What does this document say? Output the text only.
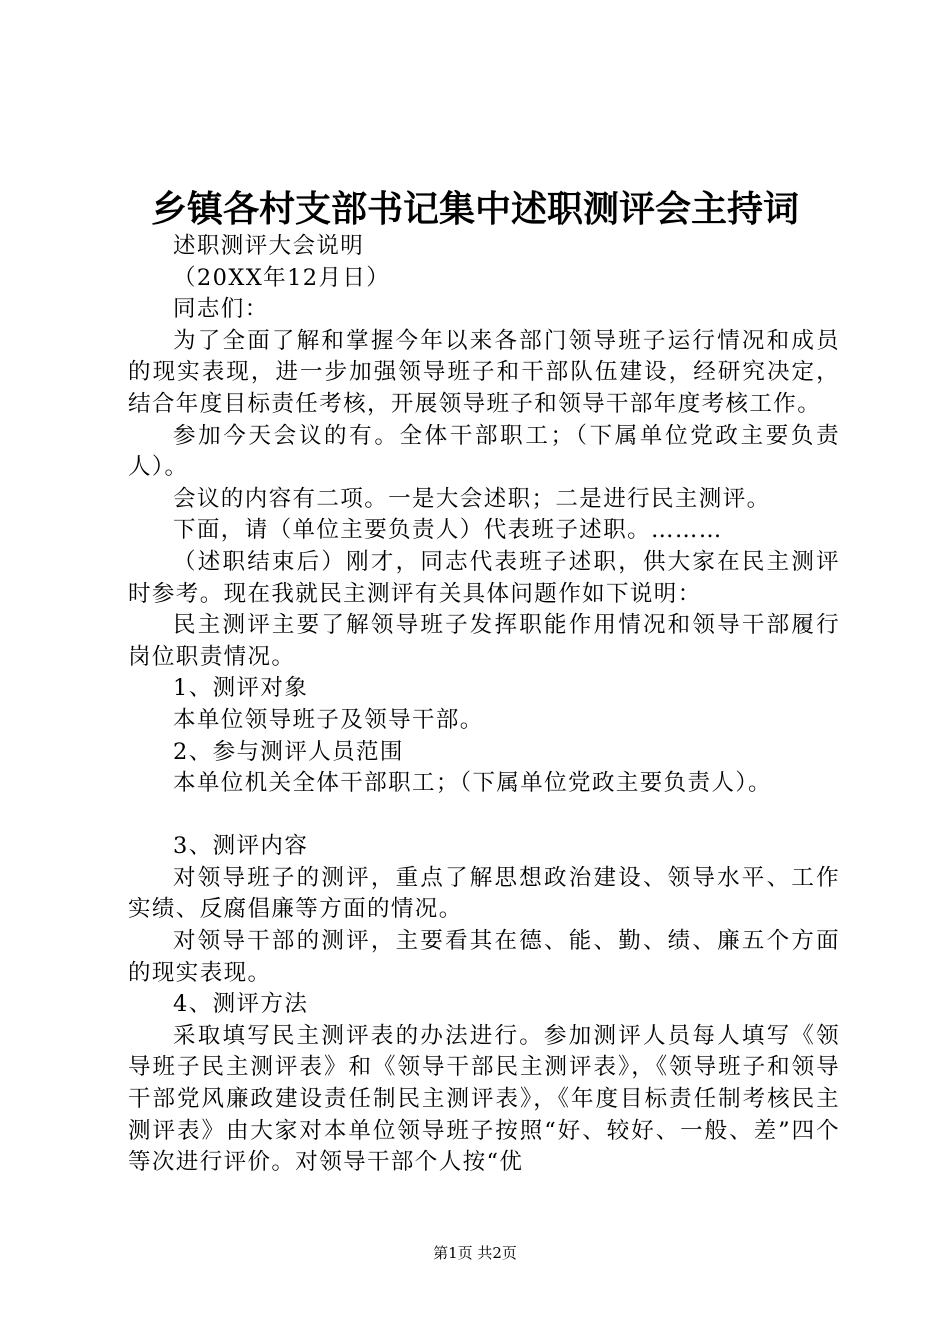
乡镇各村支部书记集中述职测评会主持词

述职测评大会说明

（20XX年12月日）

同志们：

为了全面了解和掌握今年以来各部门领导班子运行情况和成员的现实表现，进一步加强领导班子和干部队伍建设，经研究决定，结合年度目标责任考核，开展领导班子和领导干部年度考核工作。

参加今天会议的有。全体干部职工；（下属单位党政主要负责人）。

会议的内容有二项。一是大会述职；二是进行民主测评。

下面，请（单位主要负责人）代表班子述职。………

（述职结束后）刚才，同志代表班子述职，供大家在民主测评时参考。现在我就民主测评有关具体问题作如下说明：

民主测评主要了解领导班子发挥职能作用情况和领导干部履行岗位职责情况。

1、测评对象

本单位领导班子及领导干部。

2、参与测评人员范围

本单位机关全体干部职工；（下属单位党政主要负责人）。

3、测评内容

对领导班子的测评，重点了解思想政治建设、领导水平、工作实绩、反腐倡廉等方面的情况。

对领导干部的测评，主要看其在德、能、勤、绩、廉五个方面的现实表现。

4、测评方法

采取填写民主测评表的办法进行。参加测评人员每人填写《领导班子民主测评表》和《领导干部民主测评表》，《领导班子和领导干部党风廉政建设责任制民主测评表》，《年度目标责任制考核民主测评表》由大家对本单位领导班子按照“好、较好、一般、差”四个等次进行评价。对领导干部个人按“优

第1页 共2页
